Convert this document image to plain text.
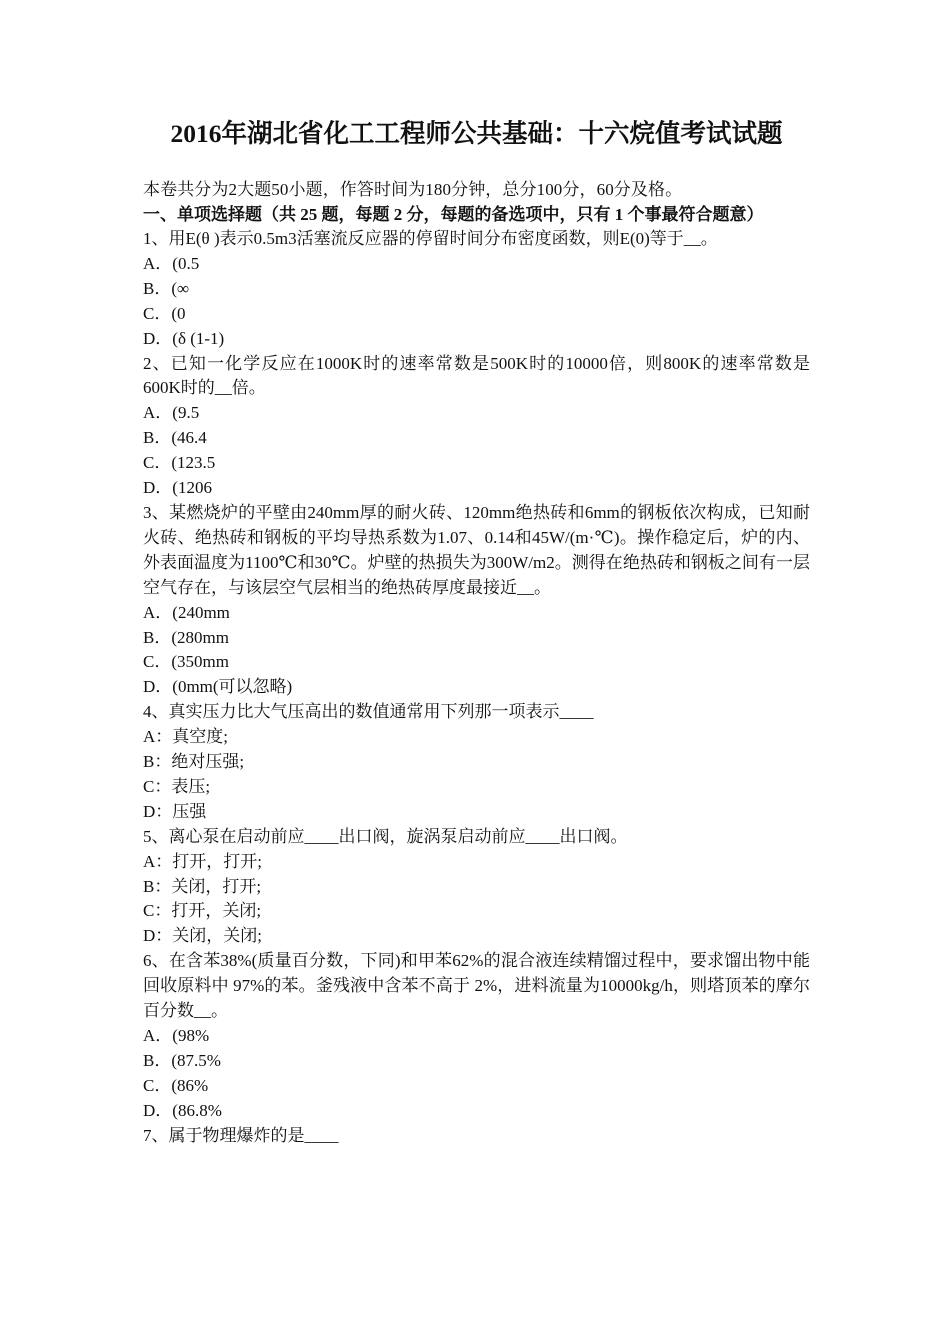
2016年湖北省化工工程师公共基础：十六烷值考试试题

本卷共分为2大题50小题，作答时间为180分钟，总分100分，60分及格。

一、单项选择题（共 25 题，每题 2 分，每题的备选项中，只有 1 个事最符合题意）

1、用E(θ )表示0.5m3活塞流反应器的停留时间分布密度函数，则E(0)等于__。

A．(0.5

B．(∞

C．(0

D．(δ (1-1)

2、已知一化学反应在1000K时的速率常数是500K时的10000倍，则800K的速率常数是600K时的__倍。

A．(9.5

B．(46.4

C．(123.5

D．(1206

3、某燃烧炉的平壁由240mm厚的耐火砖、120mm绝热砖和6mm的钢板依次构成，已知耐火砖、绝热砖和钢板的平均导热系数为1.07、0.14和45W/(m·℃)。操作稳定后，炉的内、外表面温度为1100℃和30℃。炉壁的热损失为300W/m2。测得在绝热砖和钢板之间有一层空气存在，与该层空气层相当的绝热砖厚度最接近__。

A．(240mm

B．(280mm

C．(350mm

D．(0mm(可以忽略)

4、真实压力比大气压高出的数值通常用下列那一项表示____

A：真空度;

B：绝对压强;

C：表压;

D：压强

5、离心泵在启动前应____出口阀，旋涡泵启动前应____出口阀。

A：打开，打开;

B：关闭，打开;

C：打开，关闭;

D：关闭，关闭;

6、在含苯38%(质量百分数，下同)和甲苯62%的混合液连续精馏过程中，要求馏出物中能回收原料中 97%的苯。釜残液中含苯不高于 2%，进料流量为10000kg/h，则塔顶苯的摩尔百分数__。

A．(98%

B．(87.5%

C．(86%

D．(86.8%

7、属于物理爆炸的是____
